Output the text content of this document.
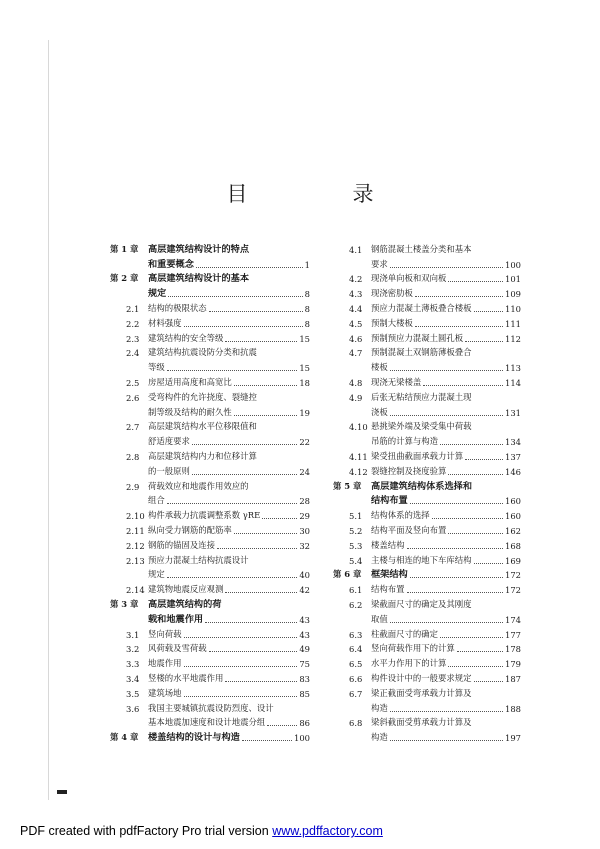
目　录
第 1 章	高层建筑结构设计的特点
和重要概念	1
第 2 章	高层建筑结构设计的基本
规定	8
2.1	结构的极限状态	8
2.2	材料强度	8
2.3	建筑结构的安全等级	15
2.4	建筑结构抗震设防分类和抗震
等级	15
2.5	房屋适用高度和高宽比	18
2.6	受弯构件的允许挠度、裂缝控
制等级及结构的耐久性	19
2.7	高层建筑结构水平位移限值和
舒适度要求	22
2.8	高层建筑结构内力和位移计算
的一般原则	24
2.9	荷载效应和地震作用效应的
组合	28
2.10 构件承载力抗震调整系数 γRE	29
2.11 纵向受力钢筋的配筋率	30
2.12 钢筋的锚固及连接	32
2.13 预应力混凝土结构抗震设计
规定	40
2.14 建筑物地震反应观测	42
第 3 章	高层建筑结构的荷
载和地震作用	43
3.1	竖向荷载	43
3.2	风荷载及雪荷载	49
3.3	地震作用	75
3.4	竖楼的水平地震作用	83
3.5	建筑场地	85
3.6	我国主要城镇抗震设防烈度、设计
基本地震加速度和设计地震分组	86
第 4 章	楼盖结构的设计与构造	100
4.1	钢筋混凝土楼盖分类和基本
要求	100
4.2	现浇单向板和双向板	101
4.3	现浇密肋板	109
4.4	预应力混凝土薄板叠合楼板	110
4.5	预制大楼板	111
4.6	预制预应力混凝土圆孔板	112
4.7	预制混凝土双钢筋薄板叠合
楼板	113
4.8	现浇无梁楼盖	114
4.9	后张无粘结预应力混凝土现
浇板	131
4.10 悬挑梁外端及梁受集中荷载
吊筋的计算与构造	134
4.11 梁受扭曲截面承载力计算	137
4.12 裂缝控制及挠度验算	146
第 5 章	高层建筑结构体系选择和
结构布置	160
5.1	结构体系的选择	160
5.2	结构平面及竖向布置	162
5.3	楼盖结构	168
5.4	主楼与相连的地下车库结构	169
第 6 章	框架结构	172
6.1	结构布置	172
6.2	梁截面尺寸的确定及其刚度
取值	174
6.3	柱截面尺寸的确定	177
6.4	竖向荷载作用下的计算	178
6.5	水平力作用下的计算	179
6.6	构件设计中的一般要求规定	187
6.7	梁正截面受弯承载力计算及
构造	188
6.8	梁斜截面受剪承载力计算及
构造	197
PDF created with pdfFactory Pro trial version www.pdffactory.com
